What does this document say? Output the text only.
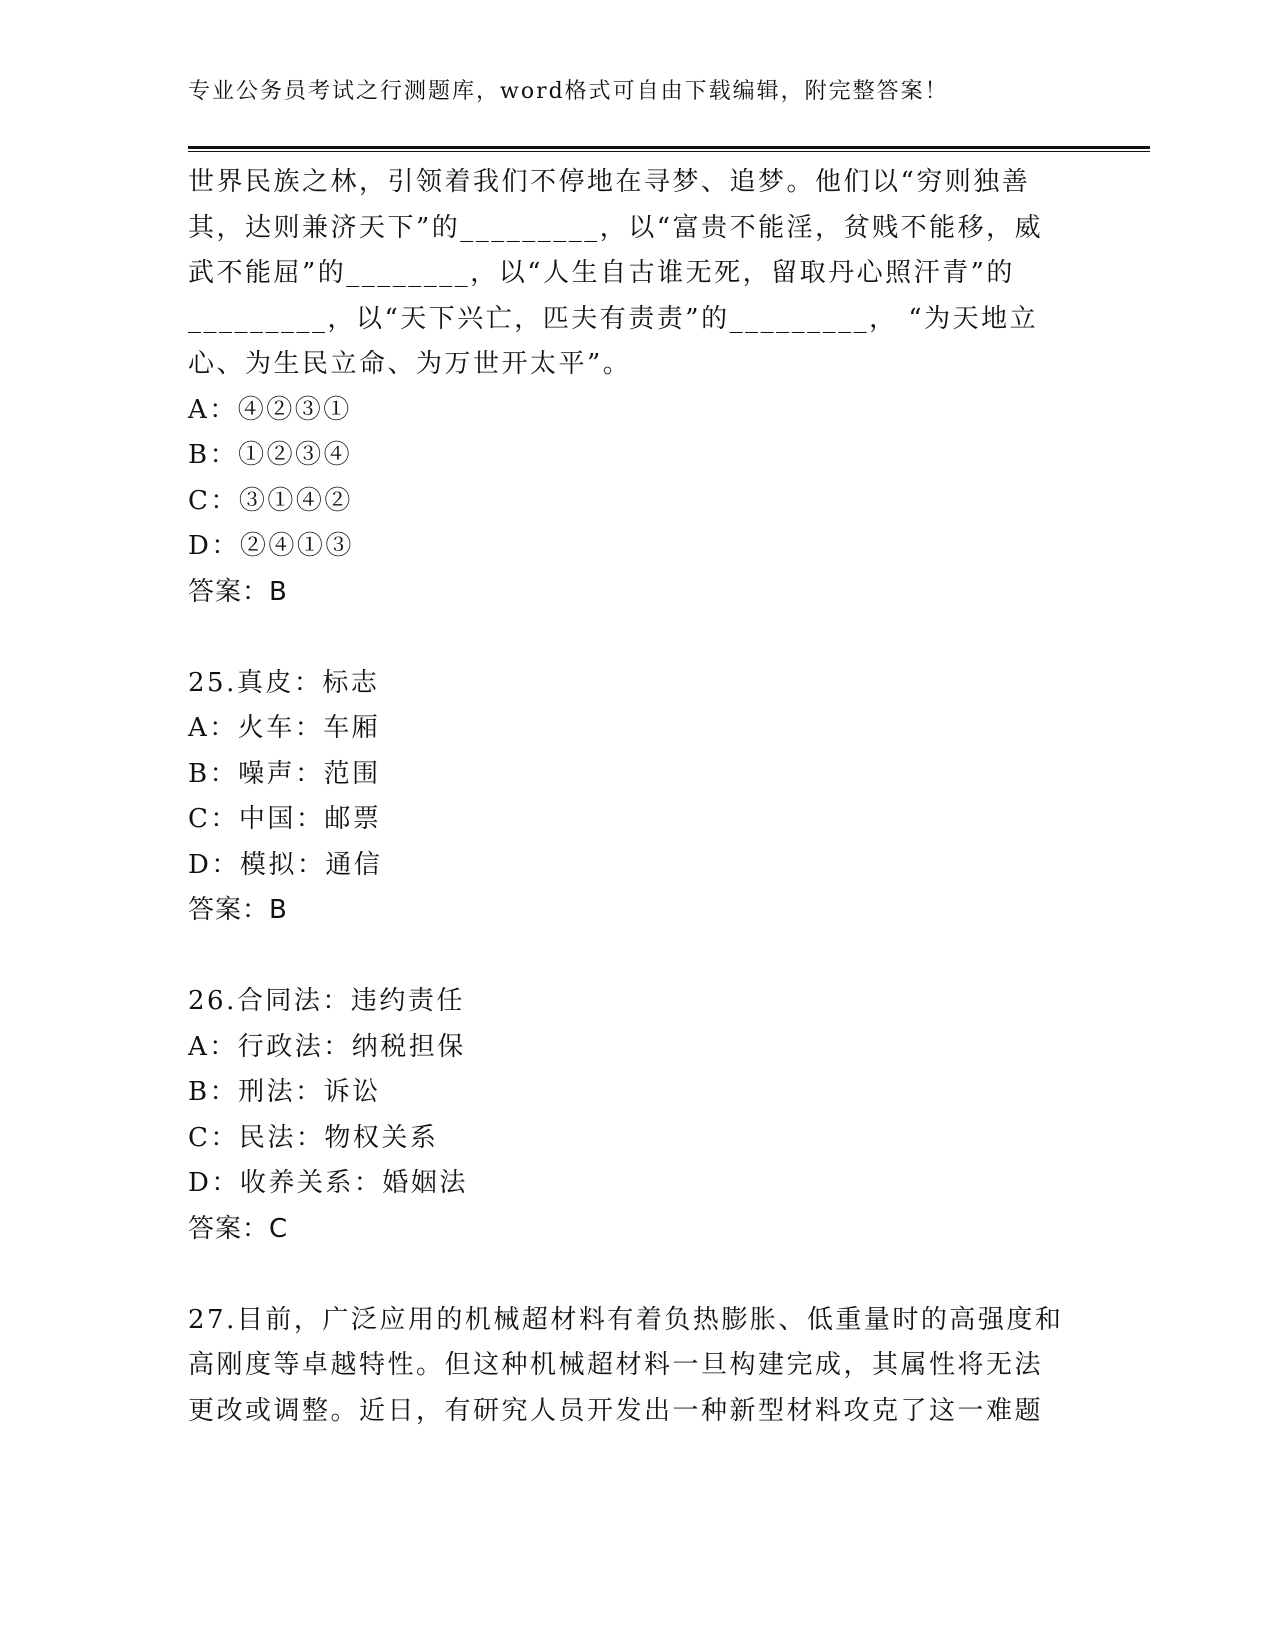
专业公务员考试之行测题库，word格式可自由下载编辑，附完整答案！
世界民族之林，引领着我们不停地在寻梦、追梦。他们以“穷则独善
其，达则兼济天下”的_________，以“富贵不能淫，贫贱不能移，威
武不能屈”的________，以“人生自古谁无死，留取丹心照汗青”的
_________，以“天下兴亡，匹夫有责责”的_________， “为天地立
心、为生民立命、为万世开太平”。
A：④②③①
B：①②③④
C：③①④②
D：②④①③
答案：B
25.真皮：标志
A：火车：车厢
B：噪声：范围
C：中国：邮票
D：模拟：通信
答案：B
26.合同法：违约责任
A：行政法：纳税担保
B：刑法：诉讼
C：民法：物权关系
D：收养关系：婚姻法
答案：C
27.目前，广泛应用的机械超材料有着负热膨胀、低重量时的高强度和
高刚度等卓越特性。但这种机械超材料一旦构建完成，其属性将无法
更改或调整。近日，有研究人员开发出一种新型材料攻克了这一难题
